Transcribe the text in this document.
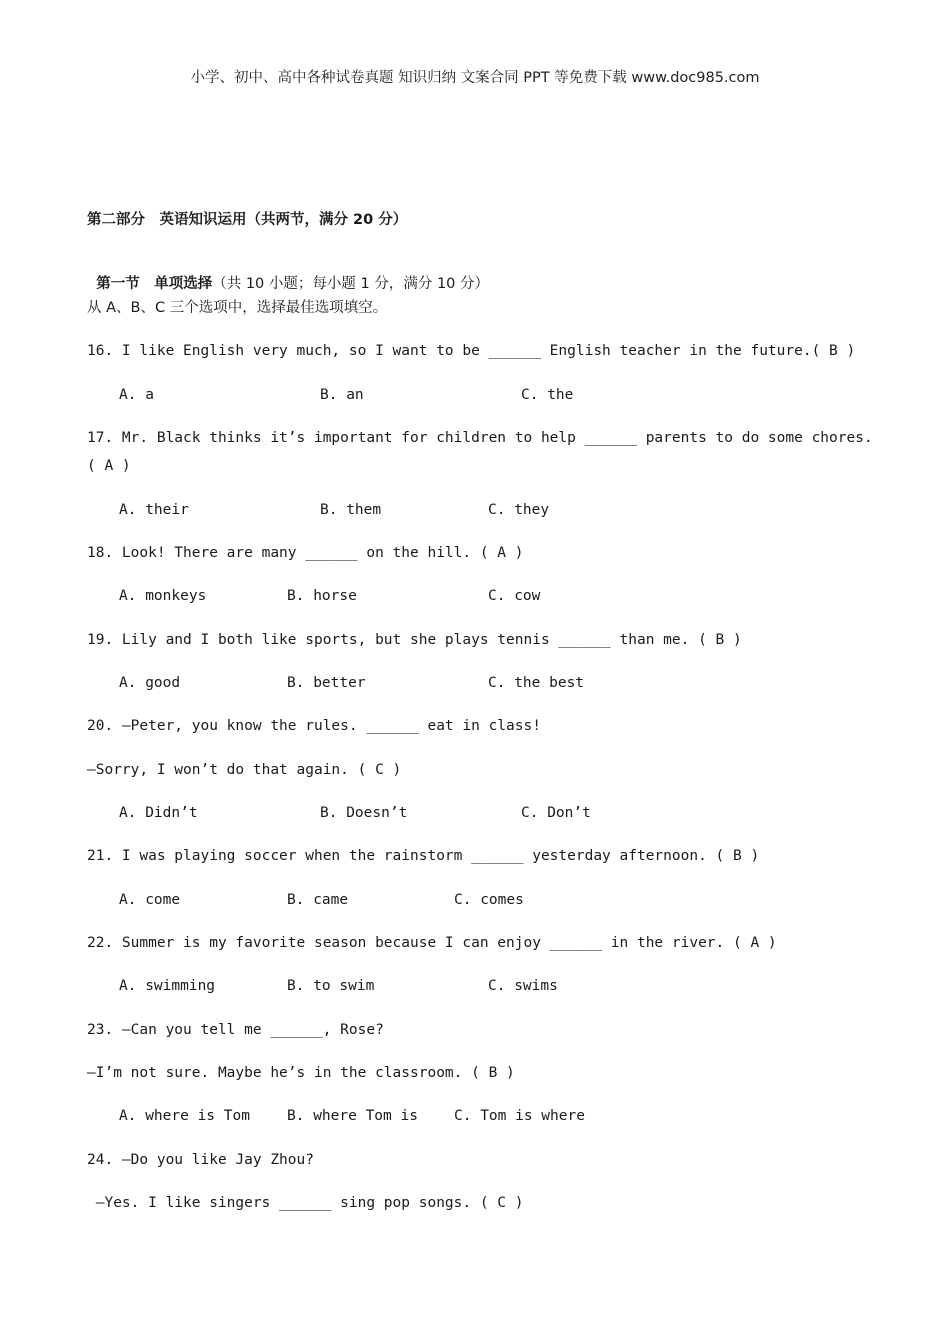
小学、初中、高中各种试卷真题 知识归纳 文案合同 PPT 等免费下载 www.doc985.com
第二部分　英语知识运用（共两节，满分 20 分）

第一节　单项选择（共 10 小题；每小题 1 分，满分 10 分）

从 A、B、C 三个选项中，选择最佳选项填空。
16. I like English very much, so I want to be ______ English teacher in the future.( B )
A. a	B. an	C. the
17. Mr. Black thinks it’s important for children to help ______ parents to do some chores.
( A )
A. their	B. them	C. they
18. Look! There are many ______ on the hill. ( A )
A. monkeys	B. horse	C. cow
19. Lily and I both like sports, but she plays tennis ______ than me. ( B )
A. good	B. better	C. the best
20. —Peter, you know the rules. ______ eat in class!
—Sorry, I won’t do that again. ( C )
A. Didn’t	B. Doesn’t	C. Don’t
21. I was playing soccer when the rainstorm ______ yesterday afternoon. ( B )
A. come	B. came	C. comes
22. Summer is my favorite season because I can enjoy ______ in the river. ( A )
A. swimming	B. to swim	C. swims
23. —Can you tell me ______, Rose?
—I’m not sure. Maybe he’s in the classroom. ( B )
A. where is Tom	B. where Tom is C. Tom is where
24. —Do you like Jay Zhou?
—Yes. I like singers ______ sing pop songs. ( C )
